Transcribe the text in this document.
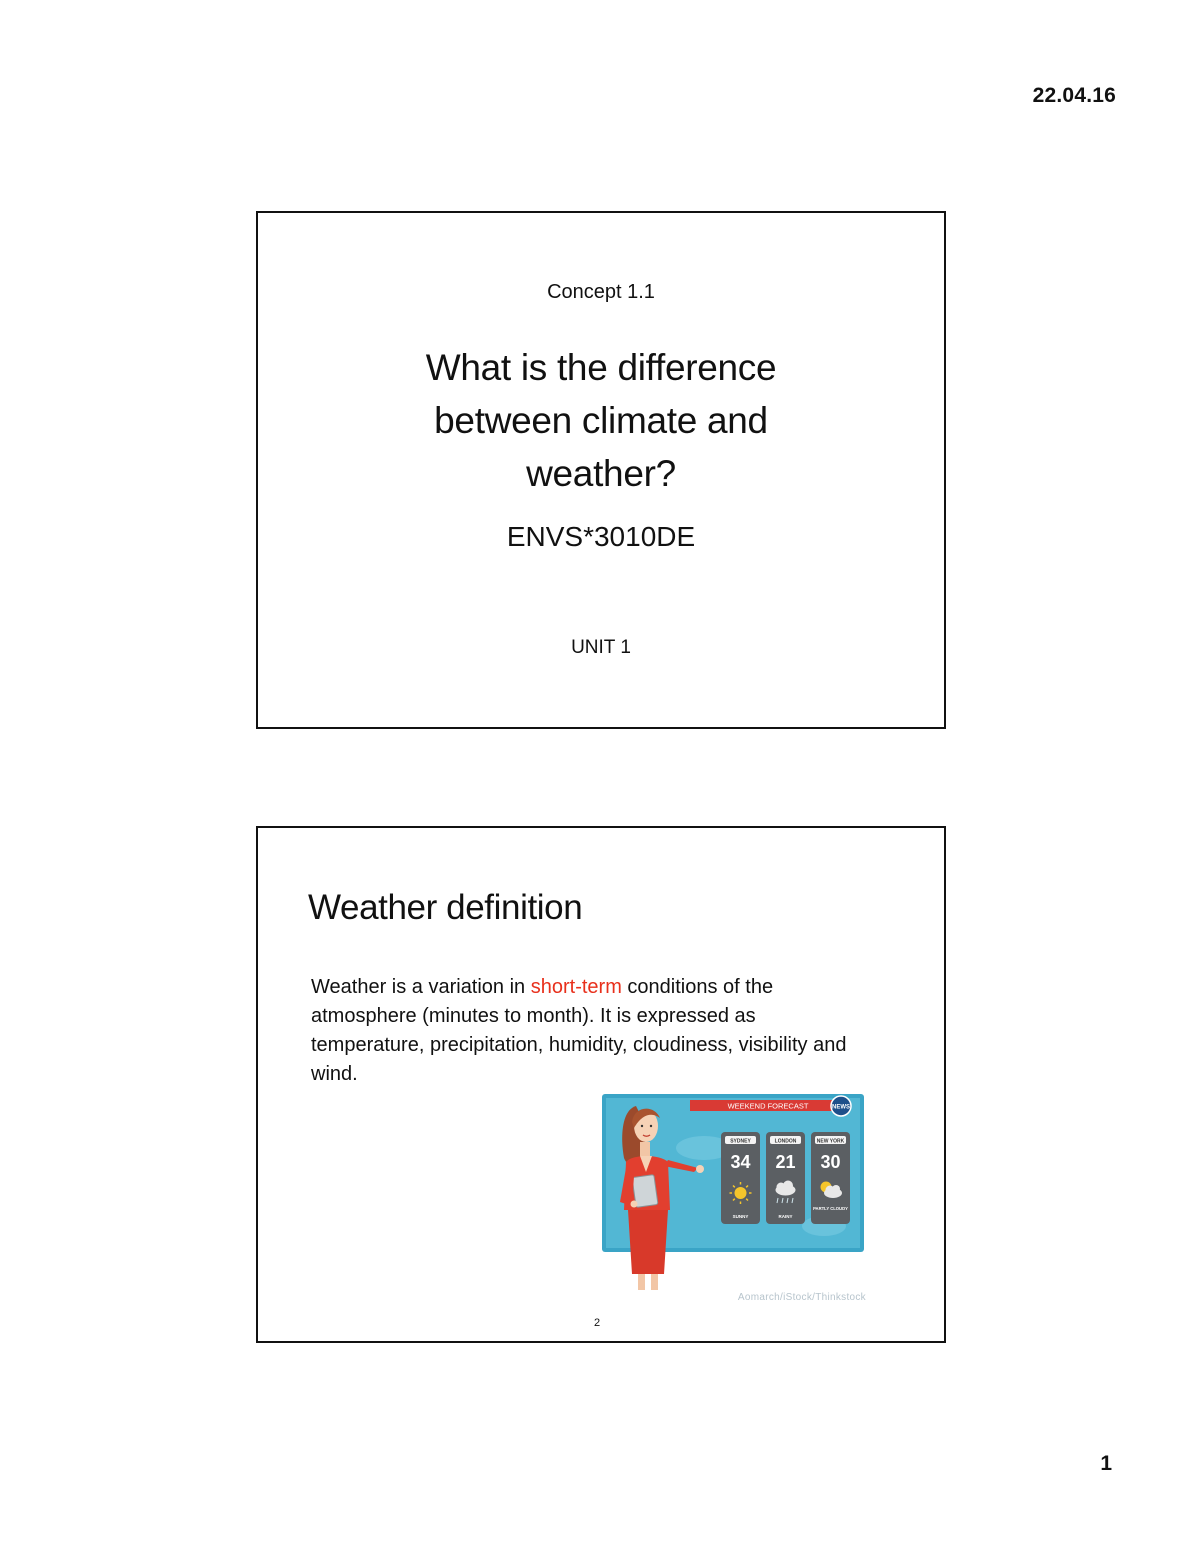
22.04.16
Concept 1.1
What is the difference
between climate and
weather?
ENVS*3010DE
UNIT 1
Weather definition
Weather is a variation in short-term conditions of the atmosphere (minutes to month). It is expressed as temperature, precipitation, humidity, cloudiness, visibility and wind.
WEEKEND FORECAST	NEWS
SYDNEY
34
SUNNY
LONDON
21
RAINY
NEW YORK
30
PARTLY CLOUDY
Aomarch/iStock/Thinkstock
2
1
